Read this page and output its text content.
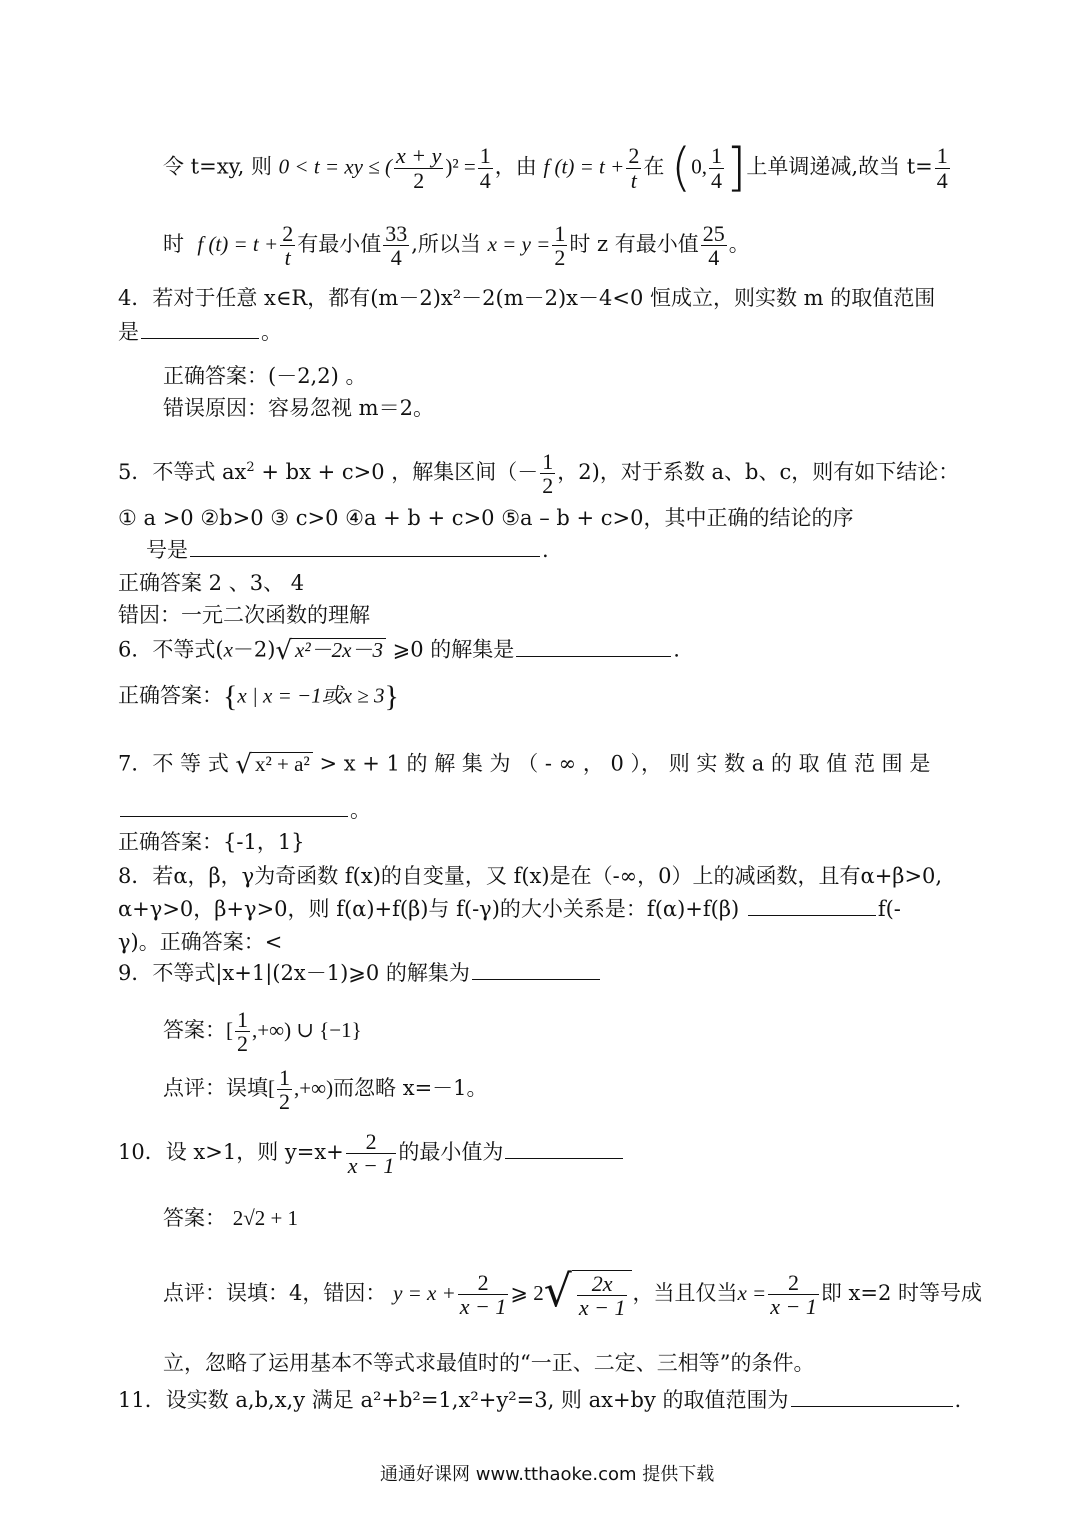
令 t=xy, 则 0 < t = xy ≤ ( $\frac{x + y}{2} )^2 = \frac{1}{4}$ ，由 f $(t) = t + \frac{2}{t}$ 在 (0, $\frac{1}{4}$ ]上单调递减,故当 $t= \frac{1}{4}$
时 f $(t) = t + \frac{2}{t}$ 有最小值 $\frac{33}{4}$ ,所以当 $x = y = \frac{1}{2}$ 时 z 有最小值 $\frac{25}{4}$ 。
4．若对于任意 x∈R，都有(m－2)x²－2(m－2)x－4<0 恒成立，则实数 m 的取值范围
是	。
正确答案：(－2,2) 。
错误原因：容易忽视 m＝2。
5．不等式 $ax^2$ + bx + c>0 ，解集区间（－ $\frac{1}{2}$ ，2)，对于系数 a、b、c，则有如下结论：
① a >0 ②b>0 ③ c>0 ④a + b + c>0 ⑤a – b + c>0，其中正确的结论的序
号是	.
正确答案 2 、3、 4
错因：一元二次函数的理解
6．不等式(x－2)√ x²－2x－3 ⩾0 的解集是	.
正确答案：{x | x = −1或x ≥ 3}
7．不 等 式 √ x² + a² > x + 1 的 解 集 为 （ - ∞ ， 0 ）， 则 实 数 a 的 取 值 范 围 是
。
正确答案：{-1，1}
8．若α，β，γ为奇函数 f(x)的自变量，又 f(x)是在（-∞，0）上的减函数，且有α+β>0,
α+γ>0，β+γ>0，则 f(α)+f(β)与 f(-γ)的大小关系是：f(α)+f(β)	f(-
γ)。正确答案：<
9．不等式|x+1|(2x－1)⩾0 的解集为
答案：[ $\frac{1}{2}$ ,+∞) ∪ {−1}
点评：误填[ $\frac{1}{2}$ ,+∞)而忽略 x=－1。
10．设 x>1，则 $y=x+ \frac{2}{x - 1}$ 的最小值为
答案： 2√2 + 1
点评：误填：4，错因： $y = x + \frac{2}{x - 1}$ ⩾ $2√ \frac{2x}{x - 1}$ ，当且仅当$x = \frac{2}{x - 1}$ 即 x=2 时等号成
立，忽略了运用基本不等式求最值时的“一正、二定、三相等”的条件。
11．设实数 a,b,x,y 满足 a²+b²=1,x²+y²=3, 则 ax+by 的取值范围为	.
通通好课网 www.tthaoke.com 提供下载
